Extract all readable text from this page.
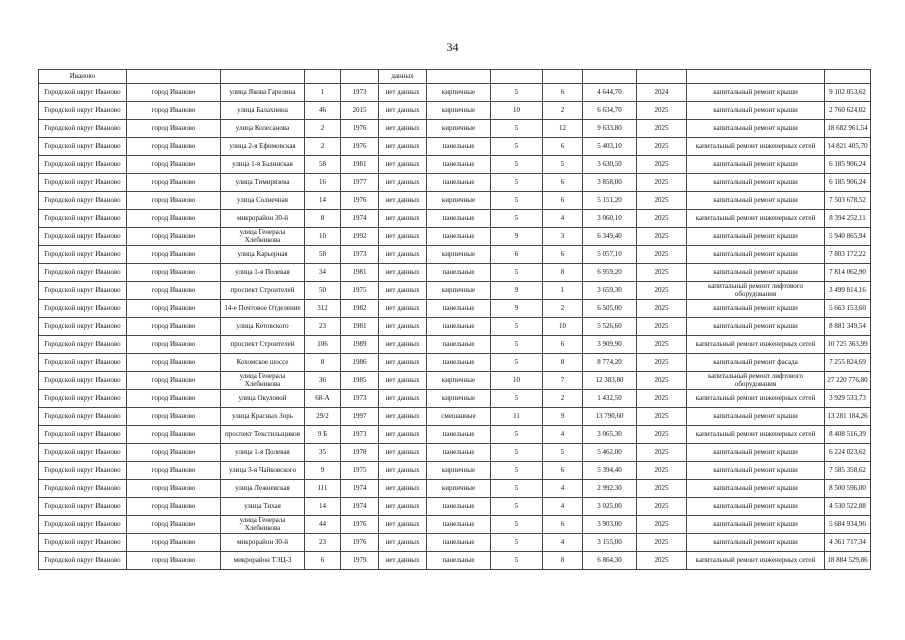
34
Иваново					данных							
Городской округ Иваново	город Иваново	улица Якова Гарелина	1	1973	нет данных	кирпичные	5	6	4 644,70	2024	капитальный ремонт крыши	9 102 053,62
Городской округ Иваново	город Иваново	улица Балахнина	46	2015	нет данных	кирпичные	10	2	6 634,70	2025	капитальный ремонт крыши	2 760 624,02
Городской округ Иваново	город Иваново	улица Колесанова	2	1976	нет данных	кирпичные	5	12	9 633,80	2025	капитальный ремонт крыши	18 682 961,54
Городской округ Иваново	город Иваново	улица 2-я Ефимовская	2	1976	нет данных	панельные	5	6	5 403,10	2025	капитальный ремонт инженерных сетей	14 821 405,70
Городской округ Иваново	город Иваново	улица 1-я Балинская	58	1981	нет данных	панельные	5	5	3 630,50	2025	капитальный ремонт крыши	6 185 906,24
Городской округ Иваново	город Иваново	улица Тимирязева	16	1977	нет данных	панельные	5	6	3 858,00	2025	капитальный ремонт крыши	6 185 906,24
Городской округ Иваново	город Иваново	улица Солнечная	14	1976	нет данных	кирпичные	5	6	5 151,20	2025	капитальный ремонт крыши	7 503 678,52
Городской округ Иваново	город Иваново	микрорайон 30-й	8	1974	нет данных	панельные	5	4	3 060,10	2025	капитальный ремонт инженерных сетей	8 394 252,11
Городской округ Иваново	город Иваново	улица Генерала Хлебникова	10	1992	нет данных	панельные	9	3	6 349,40	2025	капитальный ремонт крыши	5 940 865,94
Городской округ Иваново	город Иваново	улица Карьерная	58	1973	нет данных	кирпичные	6	6	5 057,10	2025	капитальный ремонт крыши	7 803 172,22
Городской округ Иваново	город Иваново	улица 1-я Полевая	34	1981	нет данных	панельные	5	8	6 959,20	2025	капитальный ремонт крыши	7 814 062,90
Городской округ Иваново	город Иваново	проспект Строителей	50	1975	нет данных	кирпичные	9	1	3 659,30	2025	капитальный ремонт лифтового оборудования	3 499 814,16
Городской округ Иваново	город Иваново	14-е Почтовое Отделение	312	1982	нет данных	панельные	9	2	6 505,00	2025	капитальный ремонт крыши	5 663 153,60
Городской округ Иваново	город Иваново	улица Котовского	23	1981	нет данных	панельные	5	10	5 526,60	2025	капитальный ремонт крыши	8 881 349,54
Городской округ Иваново	город Иваново	проспект Строителей	106	1989	нет данных	панельные	5	6	3 909,90	2025	капитальный ремонт инженерных сетей	10 725 363,99
Городской округ Иваново	город Иваново	Кохомское шоссе	8	1986	нет данных	панельные	5	8	8 774,20	2025	капитальный ремонт фасада	7 255 824,69
Городской округ Иваново	город Иваново	улица Генерала Хлебникова	36	1985	нет данных	кирпичные	10	7	12 383,80	2025	капитальный ремонт лифтового оборудования	27 220 776,80
Городской округ Иваново	город Иваново	улица Окуловой	68-А	1973	нет данных	кирпичные	5	2	1 432,50	2025	капитальный ремонт инженерных сетей	3 929 533,73
Городской округ Иваново	город Иваново	улица Красных Зорь	29/2	1997	нет данных	смешанные	11	9	13 790,60	2025	капитальный ремонт крыши	13 281 184,26
Городской округ Иваново	город Иваново	проспект Текстильщиков	9 Б	1973	нет данных	панельные	5	4	3 065,30	2025	капитальный ремонт инженерных сетей	8 408 516,39
Городской округ Иваново	город Иваново	улица 1-я Полевая	35	1978	нет данных	панельные	5	5	5 462,00	2025	капитальный ремонт крыши	6 224 023,62
Городской округ Иваново	город Иваново	улица 3-я Чайковского	9	1975	нет данных	кирпичные	5	6	5 394,40	2025	капитальный ремонт крыши	7 585 358,62
Городской округ Иваново	город Иваново	улица Лежневская	111	1974	нет данных	кирпичные	5	4	2 992,30	2025	капитальный ремонт крыши	8 500 596,00
Городской округ Иваново	город Иваново	улица Тихая	14	1974	нет данных	панельные	5	4	3 025,00	2025	капитальный ремонт крыши	4 530 522,88
Городской округ Иваново	город Иваново	улица Генерала Хлебникова	44	1976	нет данных	панельные	5	6	3 903,00	2025	капитальный ремонт крыши	5 684 934,96
Городской округ Иваново	город Иваново	микрорайон 30-й	23	1976	нет данных	панельные	5	4	3 155,00	2025	капитальный ремонт крыши	4 361 717,34
Городской округ Иваново	город Иваново	микрорайон ТЭЦ-3	6	1979	нет данных	панельные	5	8	6 864,30	2025	капитальный ремонт инженерных сетей	18 884 529,86
